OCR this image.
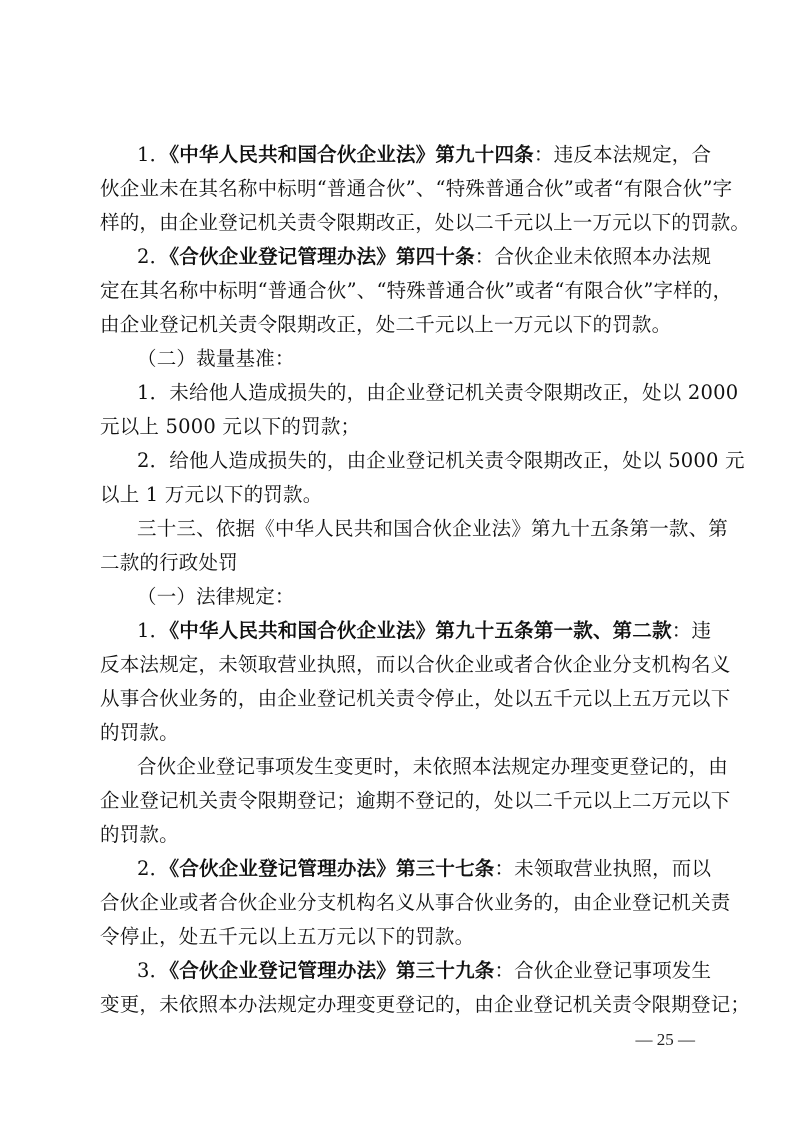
1．《中华人民共和国合伙企业法》第九十四条：违反本法规定，合
伙企业未在其名称中标明“普通合伙”、“特殊普通合伙”或者“有限合伙”字
样的，由企业登记机关责令限期改正，处以二千元以上一万元以下的罚款。
2．《合伙企业登记管理办法》第四十条：合伙企业未依照本办法规
定在其名称中标明“普通合伙”、“特殊普通合伙”或者“有限合伙”字样的，
由企业登记机关责令限期改正，处二千元以上一万元以下的罚款。
（二）裁量基准：
1．未给他人造成损失的，由企业登记机关责令限期改正，处以 2000
元以上 5000 元以下的罚款；
2．给他人造成损失的，由企业登记机关责令限期改正，处以 5000 元
以上 1 万元以下的罚款。
三十三、依据《中华人民共和国合伙企业法》第九十五条第一款、第
二款的行政处罚
（一）法律规定：
1．《中华人民共和国合伙企业法》第九十五条第一款、第二款：违
反本法规定，未领取营业执照，而以合伙企业或者合伙企业分支机构名义
从事合伙业务的，由企业登记机关责令停止，处以五千元以上五万元以下
的罚款。
合伙企业登记事项发生变更时，未依照本法规定办理变更登记的，由
企业登记机关责令限期登记；逾期不登记的，处以二千元以上二万元以下
的罚款。
2．《合伙企业登记管理办法》第三十七条：未领取营业执照，而以
合伙企业或者合伙企业分支机构名义从事合伙业务的，由企业登记机关责
令停止，处五千元以上五万元以下的罚款。
3．《合伙企业登记管理办法》第三十九条：合伙企业登记事项发生
变更，未依照本办法规定办理变更登记的，由企业登记机关责令限期登记；
— 25 —
